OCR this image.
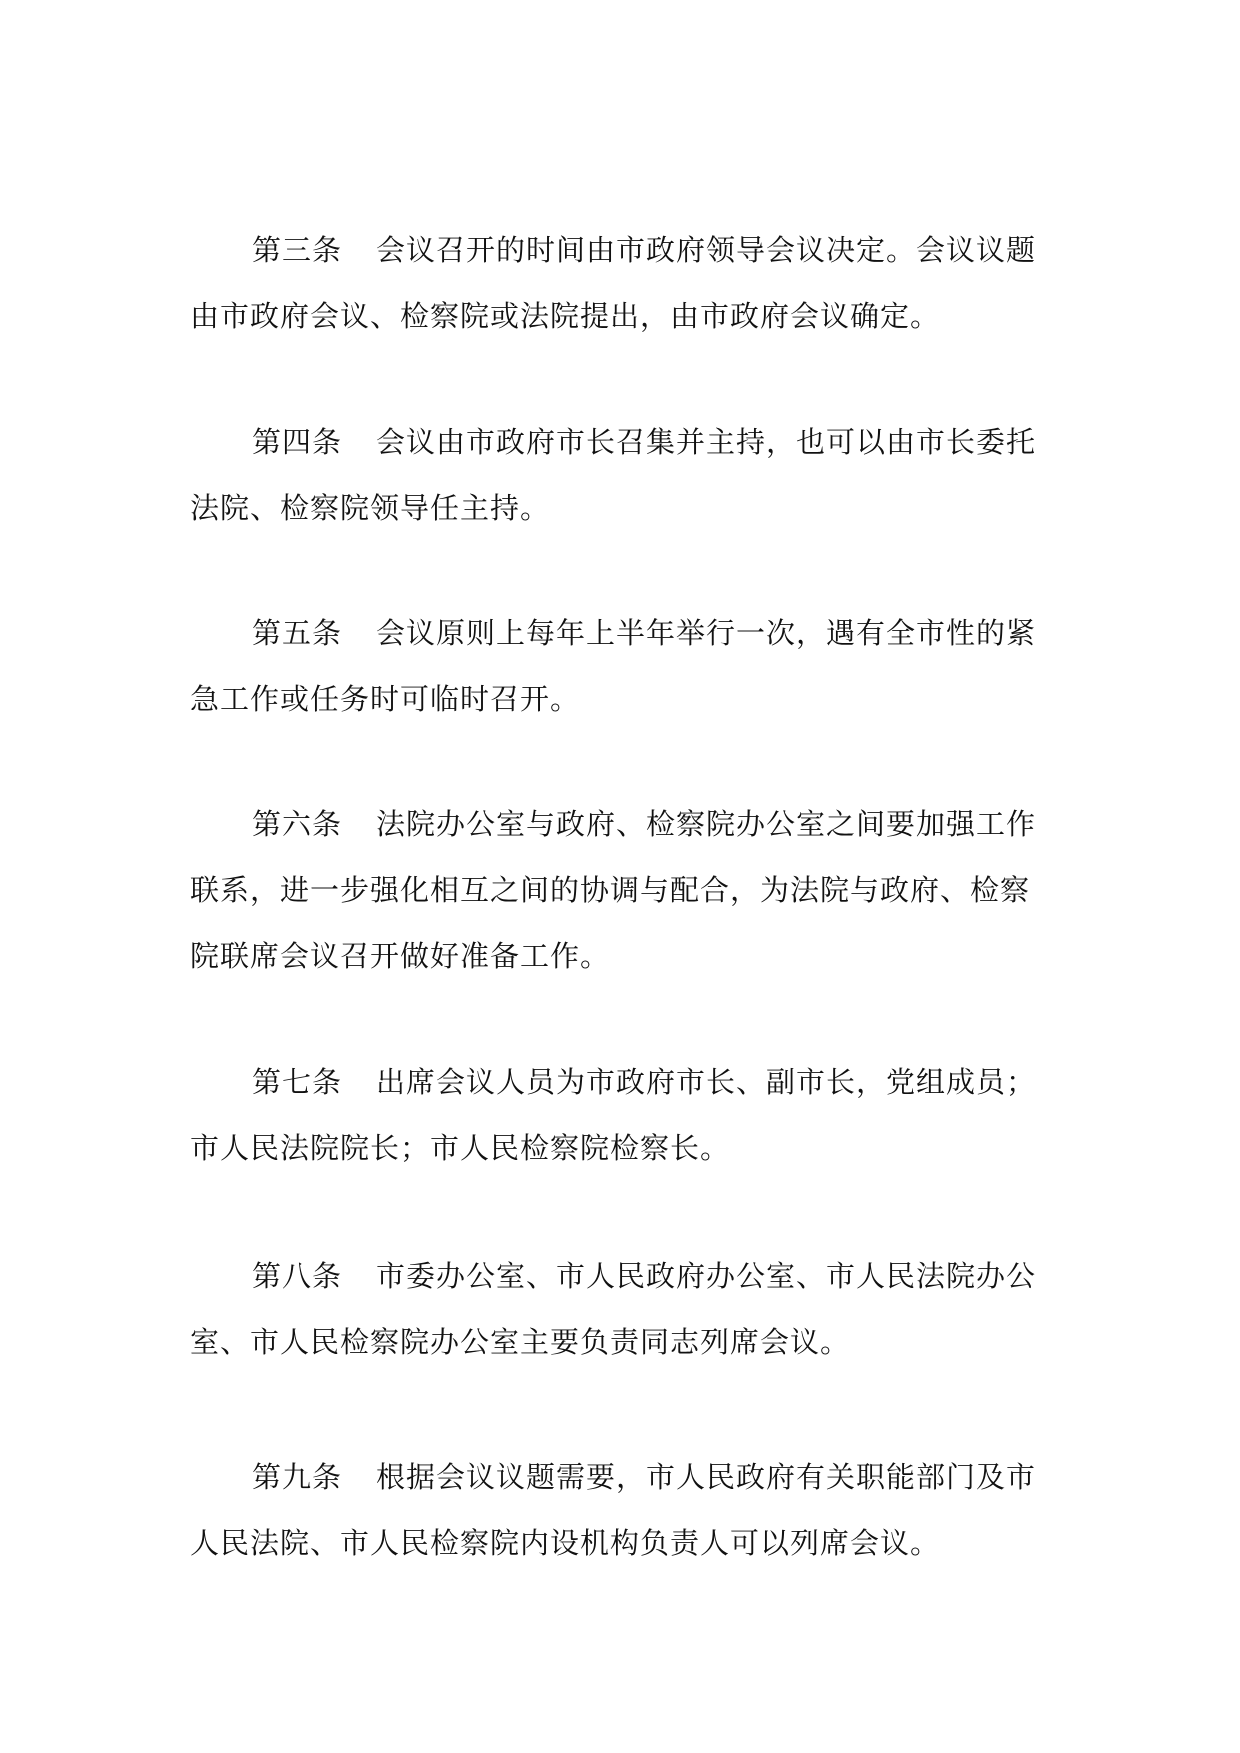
第三条 会议召开的时间由市政府领导会议决定。会议议题
由市政府会议、检察院或法院提出，由市政府会议确定。
第四条 会议由市政府市长召集并主持，也可以由市长委托
法院、检察院领导任主持。
第五条 会议原则上每年上半年举行一次，遇有全市性的紧
急工作或任务时可临时召开。
第六条 法院办公室与政府、检察院办公室之间要加强工作
联系，进一步强化相互之间的协调与配合，为法院与政府、检察
院联席会议召开做好准备工作。
第七条 出席会议人员为市政府市长、副市长，党组成员；
市人民法院院长；市人民检察院检察长。
第八条 市委办公室、市人民政府办公室、市人民法院办公
室、市人民检察院办公室主要负责同志列席会议。
第九条 根据会议议题需要，市人民政府有关职能部门及市
人民法院、市人民检察院内设机构负责人可以列席会议。
